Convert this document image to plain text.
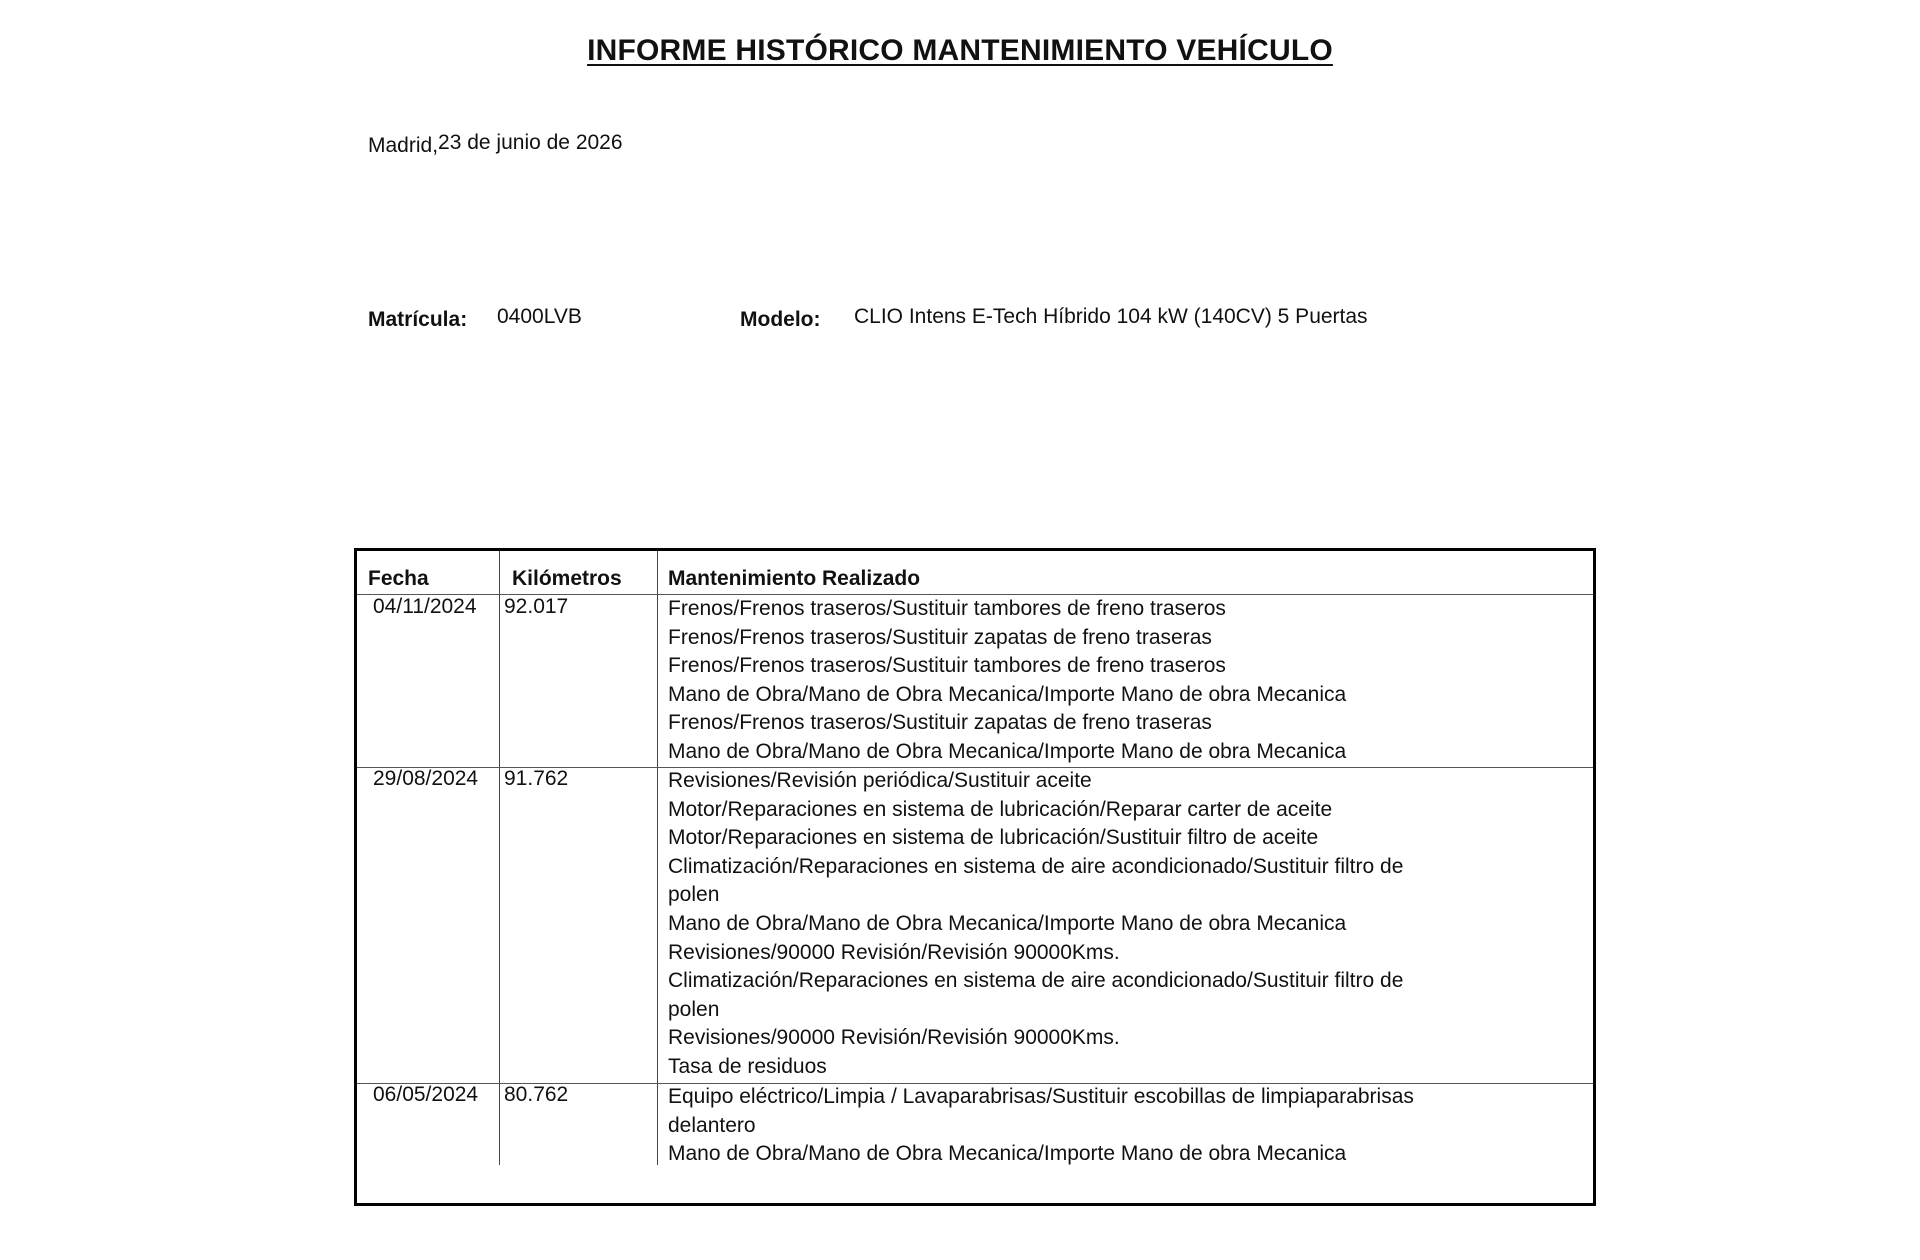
INFORME HISTÓRICO MANTENIMIENTO VEHÍCULO
Madrid,23 de junio de 2026
Matrícula: 0400LVB	Modelo: CLIO Intens E-Tech Híbrido 104 kW (140CV) 5 Puertas
Fecha	Kilómetros Mantenimiento Realizado
04/11/2024 92.017	Frenos/Frenos traseros/Sustituir tambores de freno traseros
Frenos/Frenos traseros/Sustituir zapatas de freno traseras
Frenos/Frenos traseros/Sustituir tambores de freno traseros
Mano de Obra/Mano de Obra Mecanica/Importe Mano de obra Mecanica
Frenos/Frenos traseros/Sustituir zapatas de freno traseras
Mano de Obra/Mano de Obra Mecanica/Importe Mano de obra Mecanica
29/08/2024 91.762	Revisiones/Revisión periódica/Sustituir aceite
Motor/Reparaciones en sistema de lubricación/Reparar carter de aceite
Motor/Reparaciones en sistema de lubricación/Sustituir filtro de aceite
Climatización/Reparaciones en sistema de aire acondicionado/Sustituir filtro de
polen
Mano de Obra/Mano de Obra Mecanica/Importe Mano de obra Mecanica
Revisiones/90000 Revisión/Revisión 90000Kms.
Climatización/Reparaciones en sistema de aire acondicionado/Sustituir filtro de
polen
Revisiones/90000 Revisión/Revisión 90000Kms.
Tasa de residuos
06/05/2024 80.762	Equipo eléctrico/Limpia / Lavaparabrisas/Sustituir escobillas de limpiaparabrisas
delantero
Mano de Obra/Mano de Obra Mecanica/Importe Mano de obra Mecanica
